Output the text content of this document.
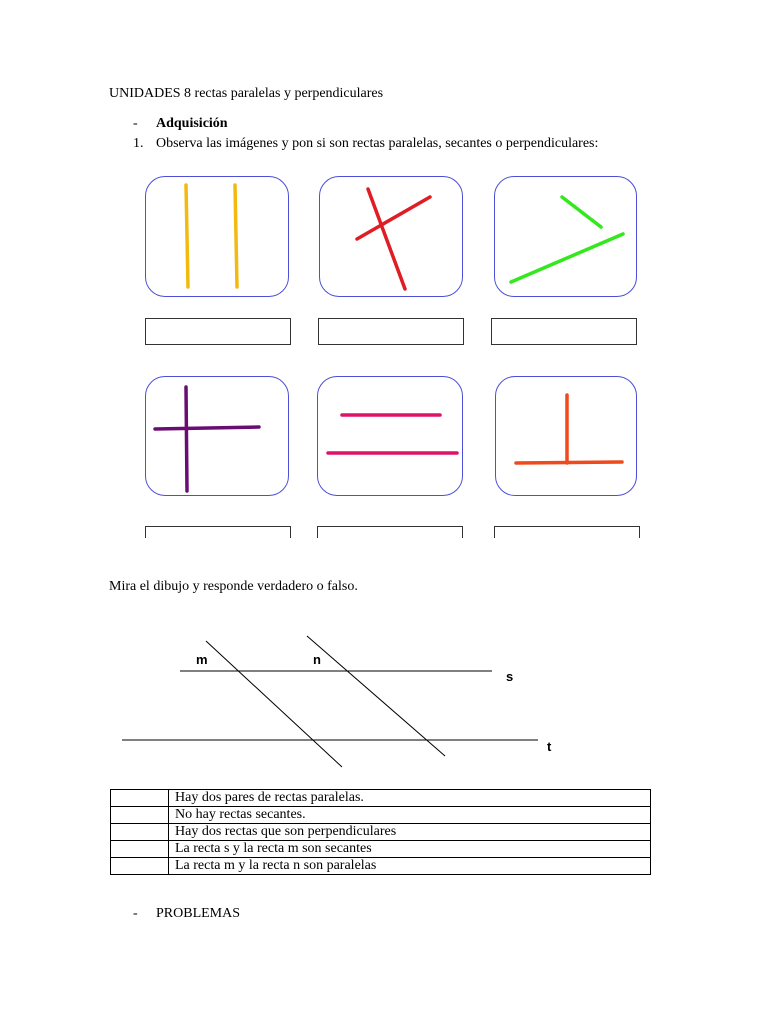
UNIDADES 8 rectas paralelas y perpendiculares
- Adquisición
1. Observa las imágenes y pon si son rectas paralelas, secantes o perpendiculares:
Mira el dibujo y responde verdadero o falso.
m	n
s
t
	Hay dos pares de rectas paralelas.
	No hay rectas secantes.
	Hay dos rectas que son perpendiculares
	La recta s y la recta m son secantes
	La recta m y la recta n son paralelas
- PROBLEMAS
